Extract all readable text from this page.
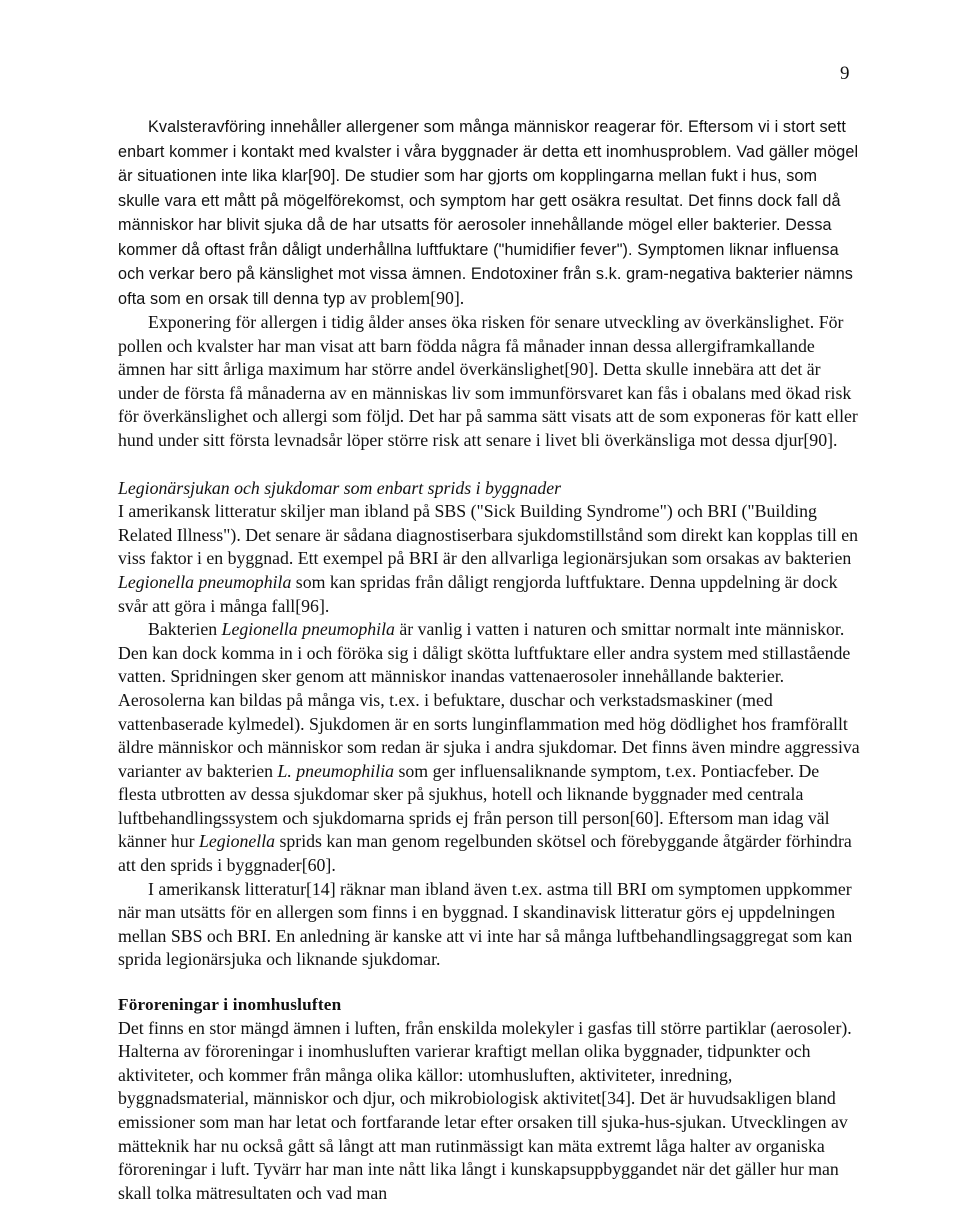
9

Kvalsteravföring innehåller allergener som många människor reagerar för. Eftersom vi i stort sett enbart kommer i kontakt med kvalster i våra byggnader är detta ett inomhusproblem. Vad gäller mögel är situationen inte lika klar[90]. De studier som har gjorts om kopplingarna mellan fukt i hus, som skulle vara ett mått på mögelförekomst, och symptom har gett osäkra resultat. Det finns dock fall då människor har blivit sjuka då de har utsatts för aerosoler innehållande mögel eller bakterier. Dessa kommer då oftast från dåligt underhållna luftfuktare ("humidifier fever"). Symptomen liknar influensa och verkar bero på känslighet mot vissa ämnen. Endotoxiner från s.k. gram-negativa bakterier nämns ofta som en orsak till denna typ av problem[90].

Exponering för allergen i tidig ålder anses öka risken för senare utveckling av överkänslighet. För pollen och kvalster har man visat att barn födda några få månader innan dessa allergiframkallande ämnen har sitt årliga maximum har större andel överkänslighet[90]. Detta skulle innebära att det är under de första få månaderna av en människas liv som immunförsvaret kan fås i obalans med ökad risk för överkänslighet och allergi som följd. Det har på samma sätt visats att de som exponeras för katt eller hund under sitt första levnadsår löper större risk att senare i livet bli överkänsliga mot dessa djur[90].

Legionärsjukan och sjukdomar som enbart sprids i byggnader

I amerikansk litteratur skiljer man ibland på SBS ("Sick Building Syndrome") och BRI ("Building Related Illness"). Det senare är sådana diagnostiserbara sjukdomstillstånd som direkt kan kopplas till en viss faktor i en byggnad. Ett exempel på BRI är den allvarliga legionärsjukan som orsakas av bakterien Legionella pneumophila som kan spridas från dåligt rengjorda luftfuktare. Denna uppdelning är dock svår att göra i många fall[96].

Bakterien Legionella pneumophila är vanlig i vatten i naturen och smittar normalt inte människor. Den kan dock komma in i och föröka sig i dåligt skötta luftfuktare eller andra system med stillastående vatten. Spridningen sker genom att människor inandas vattenaerosoler innehållande bakterier. Aerosolerna kan bildas på många vis, t.ex. i befuktare, duschar och verkstadsmaskiner (med vattenbaserade kylmedel). Sjukdomen är en sorts lunginflammation med hög dödlighet hos framförallt äldre människor och människor som redan är sjuka i andra sjukdomar. Det finns även mindre aggressiva varianter av bakterien L. pneumophilia som ger influensaliknande symptom, t.ex. Pontiacfeber. De flesta utbrotten av dessa sjukdomar sker på sjukhus, hotell och liknande byggnader med centrala luftbehandlingssystem och sjukdomarna sprids ej från person till person[60]. Eftersom man idag väl känner hur Legionella sprids kan man genom regelbunden skötsel och förebyggande åtgärder förhindra att den sprids i byggnader[60].

I amerikansk litteratur[14] räknar man ibland även t.ex. astma till BRI om symptomen uppkommer när man utsätts för en allergen som finns i en byggnad. I skandinavisk litteratur görs ej uppdelningen mellan SBS och BRI. En anledning är kanske att vi inte har så många luftbehandlingsaggregat som kan sprida legionärsjuka och liknande sjukdomar.

Föroreningar i inomhusluften

Det finns en stor mängd ämnen i luften, från enskilda molekyler i gasfas till större partiklar (aerosoler). Halterna av föroreningar i inomhusluften varierar kraftigt mellan olika byggnader, tidpunkter och aktiviteter, och kommer från många olika källor: utomhusluften, aktiviteter, inredning, byggnadsmaterial, människor och djur, och mikrobiologisk aktivitet[34]. Det är huvudsakligen bland emissioner som man har letat och fortfarande letar efter orsaken till sjuka-hus-sjukan. Utvecklingen av mätteknik har nu också gått så långt att man rutinmässigt kan mäta extremt låga halter av organiska föroreningar i luft. Tyvärr har man inte nått lika långt i kunskapsuppbyggandet när det gäller hur man skall tolka mätresultaten och vad man
